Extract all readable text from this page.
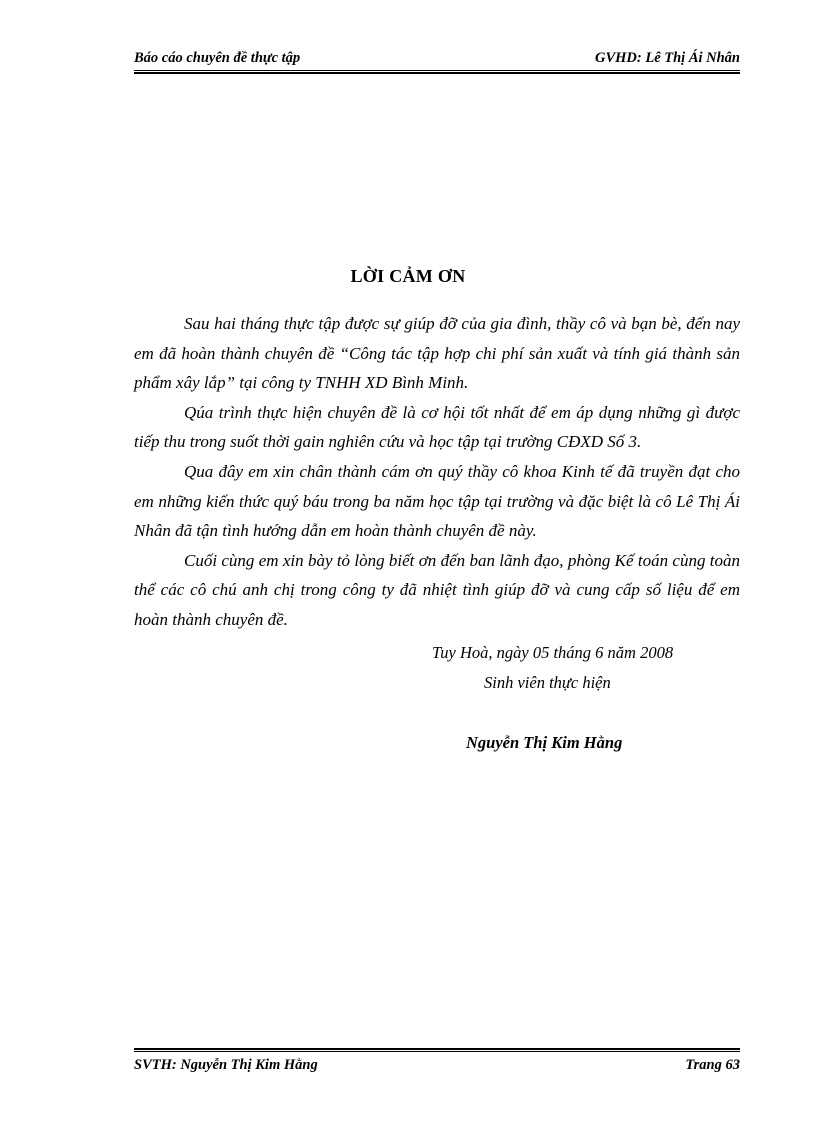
Báo cáo chuyên đề thực tập	GVHD: Lê Thị Ái Nhân
LỜI CẢM ƠN

Sau hai tháng thực tập được sự giúp đỡ của gia đình, thầy cô và bạn bè, đến nay em đã hoàn thành chuyên đề “Công tác tập hợp chi phí sản xuất và tính giá thành sản phẩm xây lắp” tại công ty TNHH XD Bình Minh.

Qúa trình thực hiện chuyên đề là cơ hội tốt nhất để em áp dụng những gì được tiếp thu trong suốt thời gain nghiên cứu và học tập tại trường CĐXD Số 3.

Qua đây em xin chân thành cám ơn quý thầy cô khoa Kinh tế đã truyền đạt cho em những kiến thức quý báu trong ba năm học tập tại trường và đặc biệt là cô Lê Thị Ái Nhân đã tận tình hướng dẫn em hoàn thành chuyên đề này.

Cuối cùng em xin bày tỏ lòng biết ơn đến ban lãnh đạo, phòng Kế toán cùng toàn thể các cô chú anh chị trong công ty đã nhiệt tình giúp đỡ và cung cấp số liệu để em hoàn thành chuyên đề.

Tuy Hoà, ngày 05 tháng 6 năm 2008
Sinh viên thực hiện
Nguyễn Thị Kim Hằng
SVTH: Nguyễn Thị Kim Hằng	Trang 63
